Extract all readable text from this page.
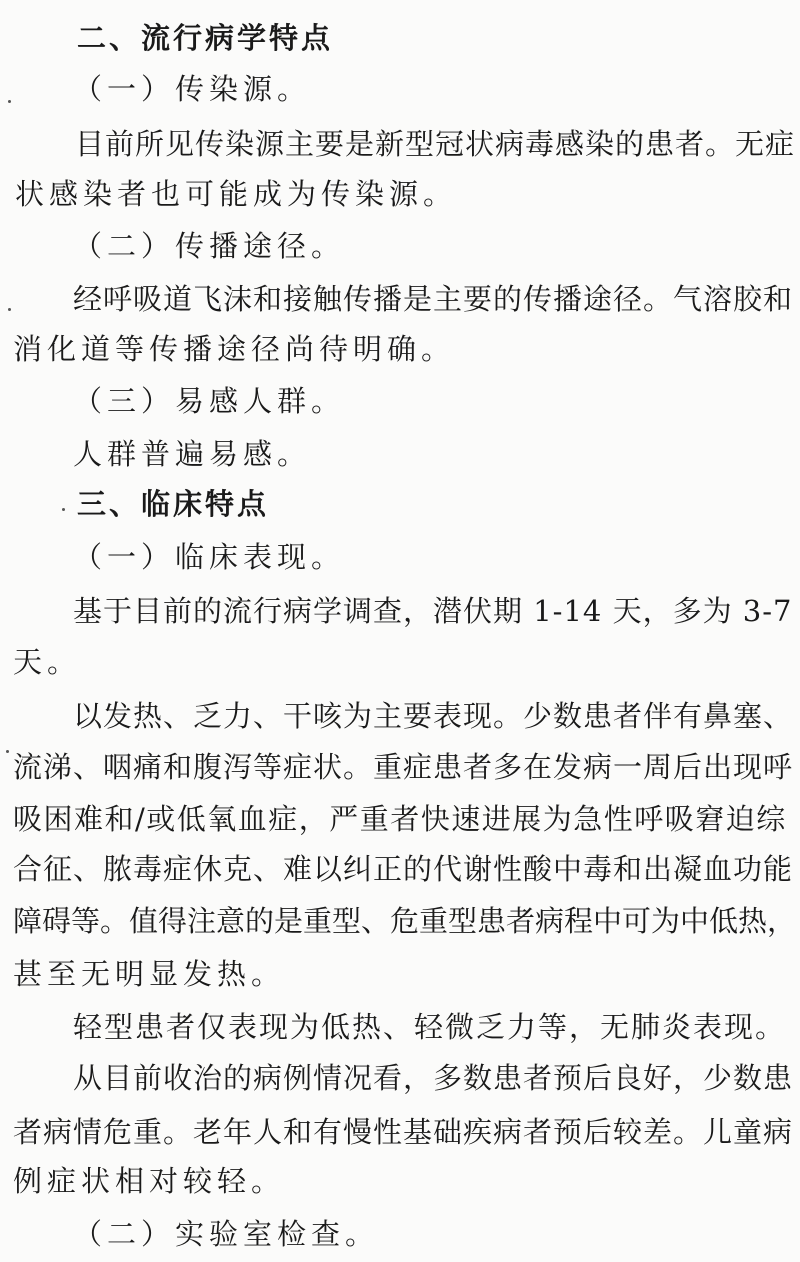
二、流行病学特点
（一）传染源。
目前所见传染源主要是新型冠状病毒感染的患者。无症
状感染者也可能成为传染源。
（二）传播途径。
经呼吸道飞沫和接触传播是主要的传播途径。气溶胶和
消化道等传播途径尚待明确。
（三）易感人群。
人群普遍易感。
三、临床特点
（一）临床表现。
基于目前的流行病学调查，潜伏期 1-14 天，多为 3-7
天。
以发热、乏力、干咳为主要表现。少数患者伴有鼻塞、
流涕、咽痛和腹泻等症状。重症患者多在发病一周后出现呼
吸困难和/或低氧血症，严重者快速进展为急性呼吸窘迫综
合征、脓毒症休克、难以纠正的代谢性酸中毒和出凝血功能
障碍等。值得注意的是重型、危重型患者病程中可为中低热，
甚至无明显发热。
轻型患者仅表现为低热、轻微乏力等，无肺炎表现。
从目前收治的病例情况看，多数患者预后良好，少数患
者病情危重。老年人和有慢性基础疾病者预后较差。儿童病
例症状相对较轻。
（二）实验室检查。
